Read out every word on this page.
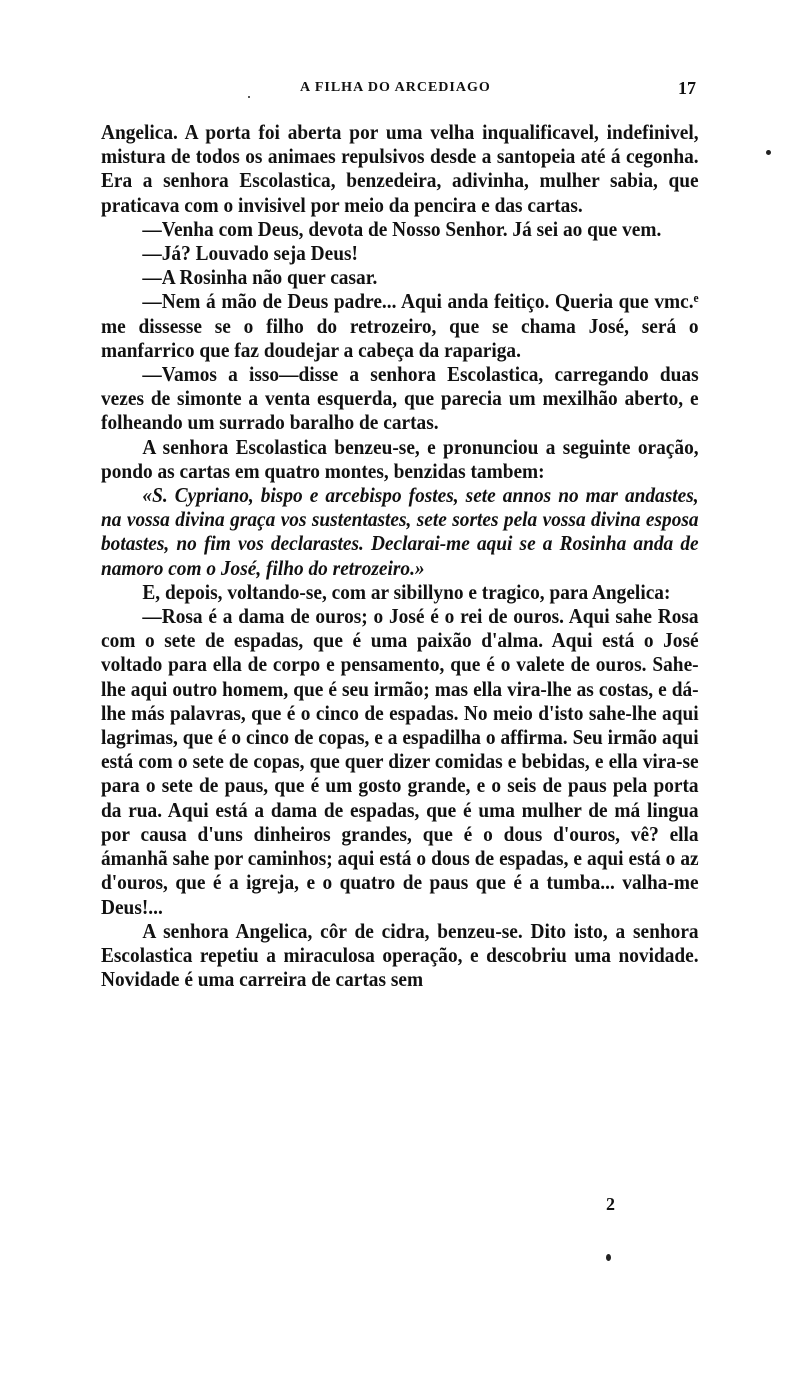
A FILHA DO ARCEDIAGO	17

Angelica. A porta foi aberta por uma velha inqualificavel, indefinivel, mistura de todos os animaes repulsivos desde a santopeia até á cegonha. Era a senhora Escolastica, benzedeira, adivinha, mulher sabia, que praticava com o invisivel por meio da pencira e das cartas.

—Venha com Deus, devota de Nosso Senhor. Já sei ao que vem.

—Já? Louvado seja Deus!

—A Rosinha não quer casar.

—Nem á mão de Deus padre... Aqui anda feitiço. Queria que vmc.ᵉ me dissesse se o filho do retrozeiro, que se chama José, será o manfarrico que faz doudejar a cabeça da rapariga.

—Vamos a isso—disse a senhora Escolastica, carregando duas vezes de simonte a venta esquerda, que parecia um mexilhão aberto, e folheando um surrado baralho de cartas.

A senhora Escolastica benzeu-se, e pronunciou a seguinte oração, pondo as cartas em quatro montes, benzidas tambem:

«S. Cypriano, bispo e arcebispo fostes, sete annos no mar andastes, na vossa divina graça vos sustentastes, sete sortes pela vossa divina esposa botastes, no fim vos declarastes. Declarai-me aqui se a Rosinha anda de namoro com o José, filho do retrozeiro.»

E, depois, voltando-se, com ar sibillyno e tragico, para Angelica:

—Rosa é a dama de ouros; o José é o rei de ouros. Aqui sahe Rosa com o sete de espadas, que é uma paixão d'alma. Aqui está o José voltado para ella de corpo e pensamento, que é o valete de ouros. Sahe-lhe aqui outro homem, que é seu irmão; mas ella vira-lhe as costas, e dá-lhe más palavras, que é o cinco de espadas. No meio d'isto sahe-lhe aqui lagrimas, que é o cinco de copas, e a espadilha o affirma. Seu irmão aqui está com o sete de copas, que quer dizer comidas e bebidas, e ella vira-se para o sete de paus, que é um gosto grande, e o seis de paus pela porta da rua. Aqui está a dama de espadas, que é uma mulher de má lingua por causa d'uns dinheiros grandes, que é o dous d'ouros, vê? ella ámanhã sahe por caminhos; aqui está o dous de espadas, e aqui está o az d'ouros, que é a igreja, e o quatro de paus que é a tumba... valha-me Deus!...

A senhora Angelica, côr de cidra, benzeu-se. Dito isto, a senhora Escolastica repetiu a miraculosa operação, e descobriu uma novidade. Novidade é uma carreira de cartas sem

2
